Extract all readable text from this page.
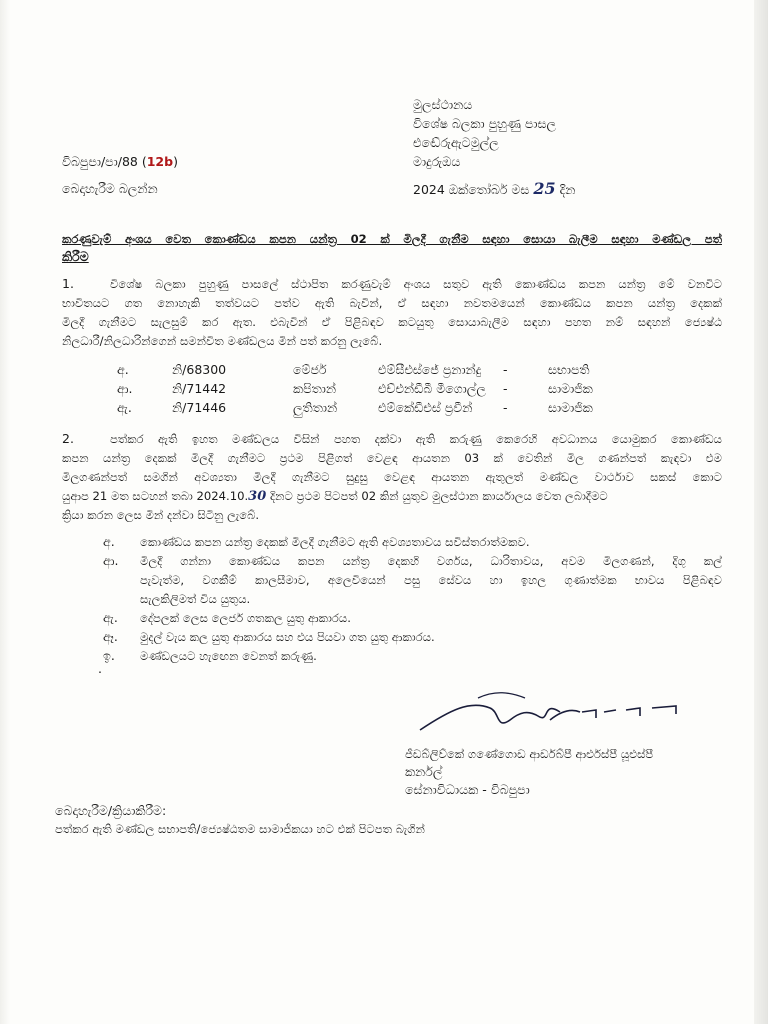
මුලස්ථානය
විශේෂ බලකා පුහුණු පාසල
එඬේරුඇටමුල්ල
මාදුරුඔය
විබපුපා/පා/88 (12b)
බෙදාහැරීම බලන්න	2024 ඔක්තෝබර් මස 25 දින
කරණුවැම් අංශය වෙත කොණ්ඩය කපන යන්ත්‍ර 02 ක් මිලදී ගැනීම සඳහා සොයා බැලීම සඳහා මණ්ඩල පත්
කිරීම
1.	විශේෂ බලකා පුහුණු පාසලේ ස්ථාපිත කරණුවැම් අංශය සතුව ඇති කොණ්ඩය කපන යන්ත්‍ර මේ වනවිට
භාවිතයට ගත නොහැකි තත්වයට පත්ව ඇති බැවින්, ඒ සඳහා නවතමයෙන් කොණ්ඩය කපන යන්ත්‍ර දෙකක්
මිලදී ගැනීමට සැලසුම් කර ඇත. එබැවින් ඒ පිළිබඳව කටයුතු සොයාබැලීම සඳහා පහත නම් සඳහන් ජ්‍යෙෂ්ඨ
නිලධාරී/නිලධාරින්ගෙන් සමන්විත මණ්ඩලය මින් පත් කරනු ලැබේ.
අ.	නි/68300	මේජර්	එම්සීඑස්ජේ ප්‍රනාන්දු -	සභාපති
ආ.	නි/71442	කපිතාන්	එච්එන්ඩීබී මීගොල්ල -	සාමාජික
ඇ.	නි/71446	ලුතිතාන්	එම්කේඩීඑස් ප්‍රවීන් -	සාමාජික
2.	පත්කර ඇති ඉහත මණ්ඩලය විසින් පහත දක්වා ඇති කරුණු කෙරෙහි අවධානය යොමුකර කොණ්ඩය
කපන යන්ත්‍ර දෙකක් මිලදී ගැනීමට ප්‍රථම පිළිගත් වෙළඳ ආයතන 03 ක් වෙතින් මිල ගණන්පත් කැඳවා එම
මිලගණන්පත් සමගින් අවශ්‍යතා මිලදී ගැනීමට සුදුසු වෙළඳ ආයතන ඇතුලත් මණ්ඩල වාර්ථාව සකස් කොට
යුආප 21 මත සටහන් තබා 2024.10.30 දිනට ප්‍රථම පිටපත් 02 කින් යුතුව මුලස්ථාන කාර්යාලය වෙත ලබාදීමට
ක්‍රියා කරන ලෙස මින් දන්වා සිටිනු ලැබේ.
අ. කොණ්ඩය කපන යන්ත්‍ර දෙකක් මිලදී ගැනීමට ඇති අවශ්‍යතාවය සවිස්තරාත්මකව.
ආ. මිලදී ගන්නා කොණ්ඩය කපන යන්ත්‍ර දෙකහි වර්ගය, ධාරිතාවය, අවම මිලගණන්, දිගු කල්
පැවැත්ම, වගකීම් කාලසීමාව, අලෙවියෙන් පසු සේවය හා ඉහල ගුණාත්මක භාවය පිළිබඳව
සැලකිලිමත් විය යුතුය.
ඇ. දේපලක් ලෙස ලෙජර් ගතකල යුතු ආකාරය.
ඈ. මුදල් වැය කල යුතු ආකාරය සහ එය පියවා ගත යුතු ආකාරය.
ඉ. මණ්ඩලයට හැඟෙන වෙනත් කරුණු.
.
ජීඩබ්ලිව්කේ ගණේගොඩ ආර්ඩබ්පී ආර්එස්පී යූඑස්පී
කර්නල්
සේනාවිධායක - විබපුපා
බෙදාහැරීම/ක්‍රියාකිරීම:
පත්කර ඇති මණ්ඩල සභාපති/ජ්‍යෙෂ්ඨතම සාමාජිකයා හට එක් පිටපත බැගින්
